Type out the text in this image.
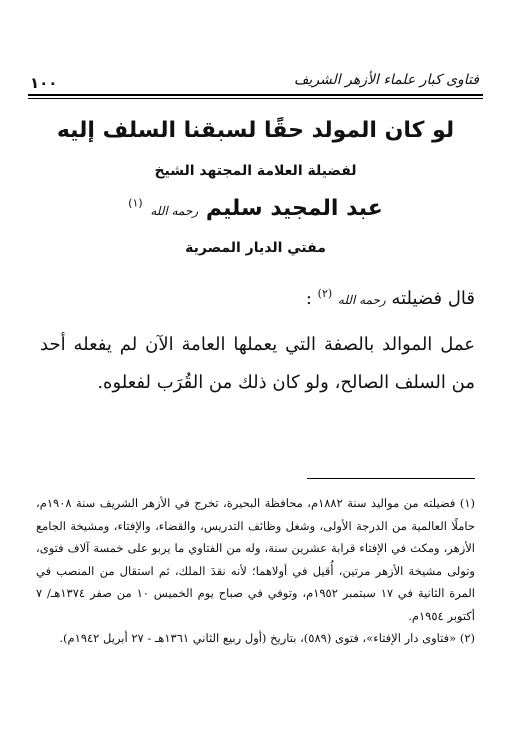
١٠٠	فتاوى كبار علماء الأزهر الشريف
لو كان المولد حقًا لسبقنا السلف إليه
لفضيلة العلامة المجتهد الشيخ
عبد المجيد سليم رحمه الله $^{(١)}$
مفتي الديار المصرية
قال فضيلته رحمه الله $^{(٢)}$ :
عمل الموالد بالصفة التي يعملها العامة الآن لم يفعله أحد من السلف الصالح، ولو كان ذلك من القُرَب لفعلوه.

(١) فضيلته من مواليد سنة ١٨٨٢م، محافظة البحيرة، تخرج في الأزهر الشريف سنة ١٩٠٨م، حاملًا العالمية من الدرجة الأولى، وشغل وظائف التدريس، والقضاء، والإفتاء، ومشيخة الجامع الأزهر، ومكث في الإفتاء قرابة عشرين سنة، وله من الفتاوي ما يربو على خمسة آلاف فتوى، وتولى مشيخة الأزهر مرتين، أُقيل في أولاهما؛ لأنه نقدَ الملك، ثم استقال من المنصب في المرة الثانية في ١٧ سبتمبر ١٩٥٢م، وتوفي في صباح يوم الخميس ١٠ من صفر ١٣٧٤هـ/ ٧ أكتوبر ١٩٥٤م.

(٢) «فتاوى دار الإفتاء»، فتوى (٥٨٩)، بتاريخ (أول ربيع الثاني ١٣٦١هـ - ٢٧ أبريل ١٩٤٢م).
